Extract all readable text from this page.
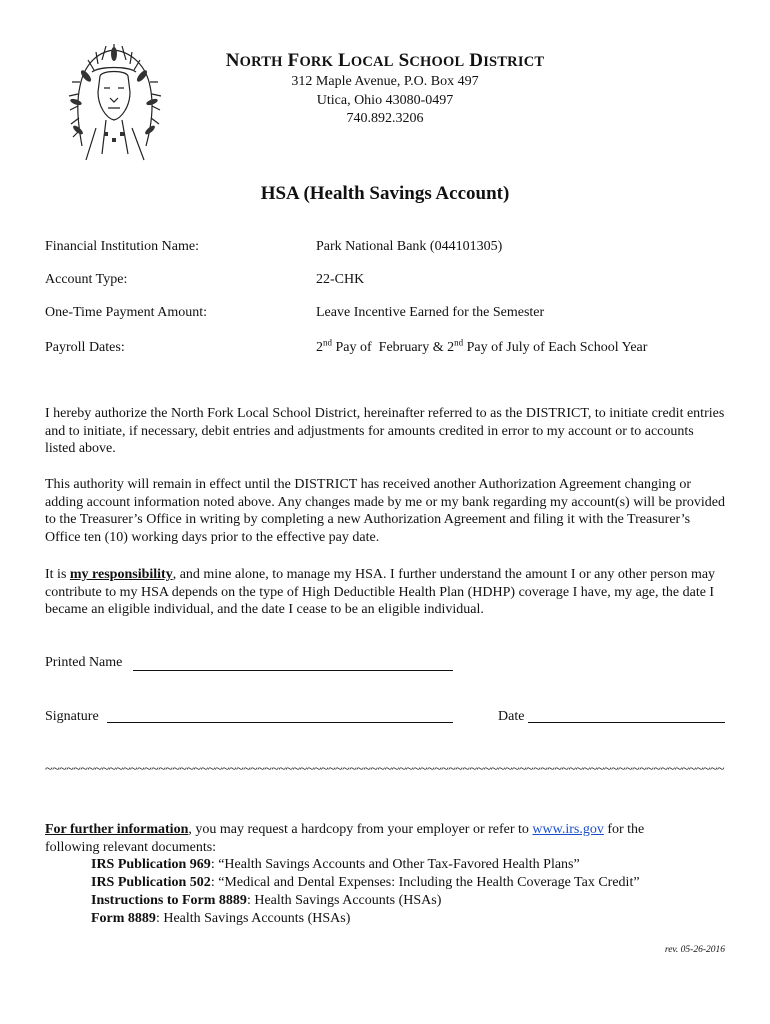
NORTH FORK LOCAL SCHOOL DISTRICT
312 Maple Avenue, P.O. Box 497
Utica, Ohio 43080-0497
740.892.3206
HSA (Health Savings Account)
Financial Institution Name:	Park National Bank (044101305)
Account Type:	22-CHK
One-Time Payment Amount:	Leave Incentive Earned for the Semester
Payroll Dates:	2nd Pay of  February & 2nd Pay of July of Each School Year
I hereby authorize the North Fork Local School District, hereinafter referred to as the DISTRICT, to initiate credit entries and to initiate, if necessary, debit entries and adjustments for amounts credited in error to my account or to accounts listed above.
This authority will remain in effect until the DISTRICT has received another Authorization Agreement changing or adding account information noted above. Any changes made by me or my bank regarding my account(s) will be provided to the Treasurer’s Office in writing by completing a new Authorization Agreement and filing it with the Treasurer’s Office ten (10) working days prior to the effective pay date.
It is my responsibility, and mine alone, to manage my HSA. I further understand the amount I or any other person may contribute to my HSA depends on the type of High Deductible Health Plan (HDHP) coverage I have, my age, the date I became an eligible individual, and the date I cease to be an eligible individual.
Printed Name
Signature	Date
~~~~~~~~~~~~~~~~~~~~~~~~~~~~~~~~~~~~~~~~~~~~~~~~~~~~~~~~~~~~~~~~~~~~~~~~~~~~~~~~~~~~~~~~~~~~~~~~
For further information, you may request a hardcopy from your employer or refer to www.irs.gov for the
following relevant documents:
IRS Publication 969: “Health Savings Accounts and Other Tax-Favored Health Plans”
IRS Publication 502: “Medical and Dental Expenses: Including the Health Coverage Tax Credit”
Instructions to Form 8889: Health Savings Accounts (HSAs)
Form 8889: Health Savings Accounts (HSAs)
rev. 05-26-2016
